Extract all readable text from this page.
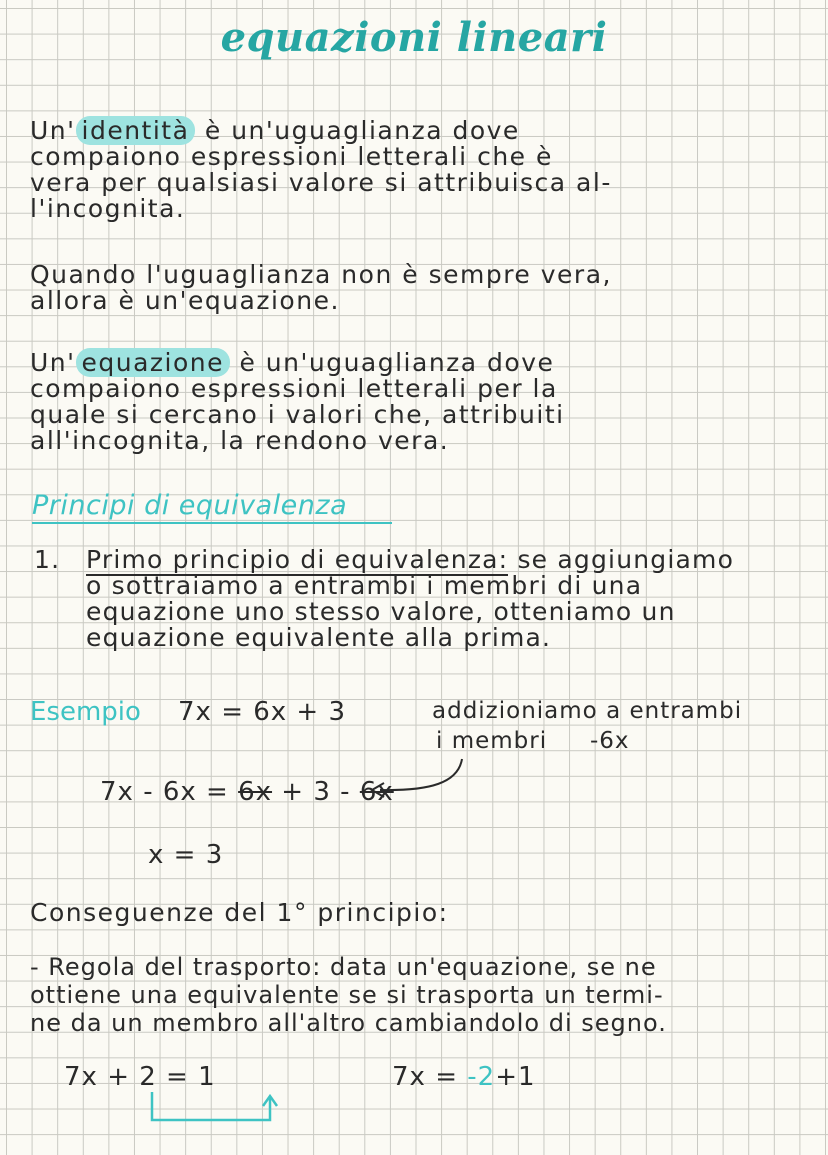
equazioni lineari
Un' identità è un'uguaglianza dove
compaiono espressioni letterali che è
vera per qualsiasi valore si attribuisca al-
l'incognita.
Quando l'uguaglianza non è sempre vera,
allora è un'equazione.
Un' equazione è un'uguaglianza dove
compaiono espressioni letterali per la
quale si cercano i valori che, attribuiti
all'incognita, la rendono vera.
Principi di equivalenza
1. Primo principio di equivalenza: se aggiungiamo
o sottraiamo a entrambi i membri di una
equazione uno stesso valore, otteniamo un
equazione equivalente alla prima.
Esempio 7x = 6x + 3	addizioniamo a entrambi
i membri -6x
7x - 6x = 6x + 3 - 6x
x = 3
Conseguenze del 1° principio:
- Regola del trasporto: data un'equazione, se ne
ottiene una equivalente se si trasporta un termi-
ne da un membro all'altro cambiandolo di segno.
7x + 2 = 1	7x = -2+1
